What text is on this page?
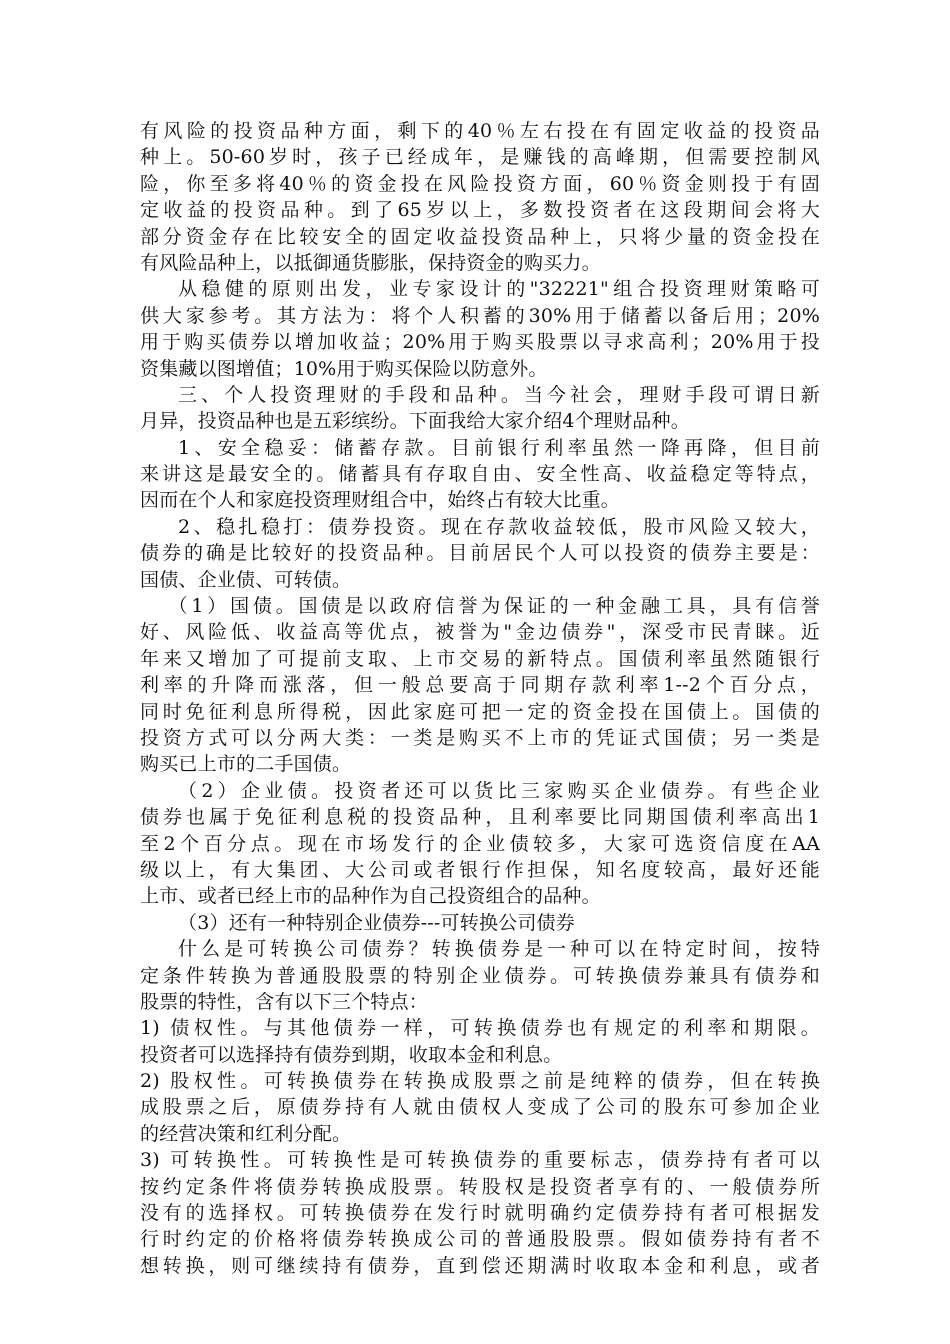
有风险的投资品种方面，剩下的40％左右投在有固定收益的投资品
种上。50-60岁时，孩子已经成年，是赚钱的高峰期，但需要控制风
险，你至多将40％的资金投在风险投资方面，60％资金则投于有固
定收益的投资品种。到了65岁以上，多数投资者在这段期间会将大
部分资金存在比较安全的固定收益投资品种上，只将少量的资金投在
有风险品种上，以抵御通货膨胀，保持资金的购买力。
从稳健的原则出发，业专家设计的"32221"组合投资理财策略可
供大家参考。其方法为：将个人积蓄的30%用于储蓄以备后用；20%
用于购买债券以增加收益；20%用于购买股票以寻求高利；20%用于投
资集藏以图增值；10%用于购买保险以防意外。
三、个人投资理财的手段和品种。当今社会，理财手段可谓日新
月异，投资品种也是五彩缤纷。下面我给大家介绍4个理财品种。
1、安全稳妥：储蓄存款。目前银行利率虽然一降再降，但目前
来讲这是最安全的。储蓄具有存取自由、安全性高、收益稳定等特点，
因而在个人和家庭投资理财组合中，始终占有较大比重。
2、稳扎稳打：债券投资。现在存款收益较低，股市风险又较大，
债券的确是比较好的投资品种。目前居民个人可以投资的债券主要是：
国债、企业债、可转债。
（1）国债。国债是以政府信誉为保证的一种金融工具，具有信誉
好、风险低、收益高等优点，被誉为"金边债券"，深受市民青睐。近
年来又增加了可提前支取、上市交易的新特点。国债利率虽然随银行
利率的升降而涨落，但一般总要高于同期存款利率1--2个百分点，
同时免征利息所得税，因此家庭可把一定的资金投在国债上。国债的
投资方式可以分两大类：一类是购买不上市的凭证式国债；另一类是
购买已上市的二手国债。
（2）企业债。投资者还可以货比三家购买企业债券。有些企业
债券也属于免征利息税的投资品种，且利率要比同期国债利率高出1
至2个百分点。现在市场发行的企业债较多，大家可选资信度在AA
级以上，有大集团、大公司或者银行作担保，知名度较高，最好还能
上市、或者已经上市的品种作为自己投资组合的品种。
（3）还有一种特别企业债券---可转换公司债券
什么是可转换公司债券？转换债券是一种可以在特定时间，按特
定条件转换为普通股股票的特别企业债券。可转换债券兼具有债券和
股票的特性，含有以下三个特点：
1) 债权性。与其他债券一样，可转换债券也有规定的利率和期限。
投资者可以选择持有债券到期，收取本金和利息。
2) 股权性。可转换债券在转换成股票之前是纯粹的债券，但在转换
成股票之后，原债券持有人就由债权人变成了公司的股东可参加企业
的经营决策和红利分配。
3) 可转换性。可转换性是可转换债券的重要标志，债券持有者可以
按约定条件将债券转换成股票。转股权是投资者享有的、一般债券所
没有的选择权。可转换债券在发行时就明确约定债券持有者可根据发
行时约定的价格将债券转换成公司的普通股股票。假如债券持有者不
想转换，则可继续持有债券，直到偿还期满时收取本金和利息，或者
